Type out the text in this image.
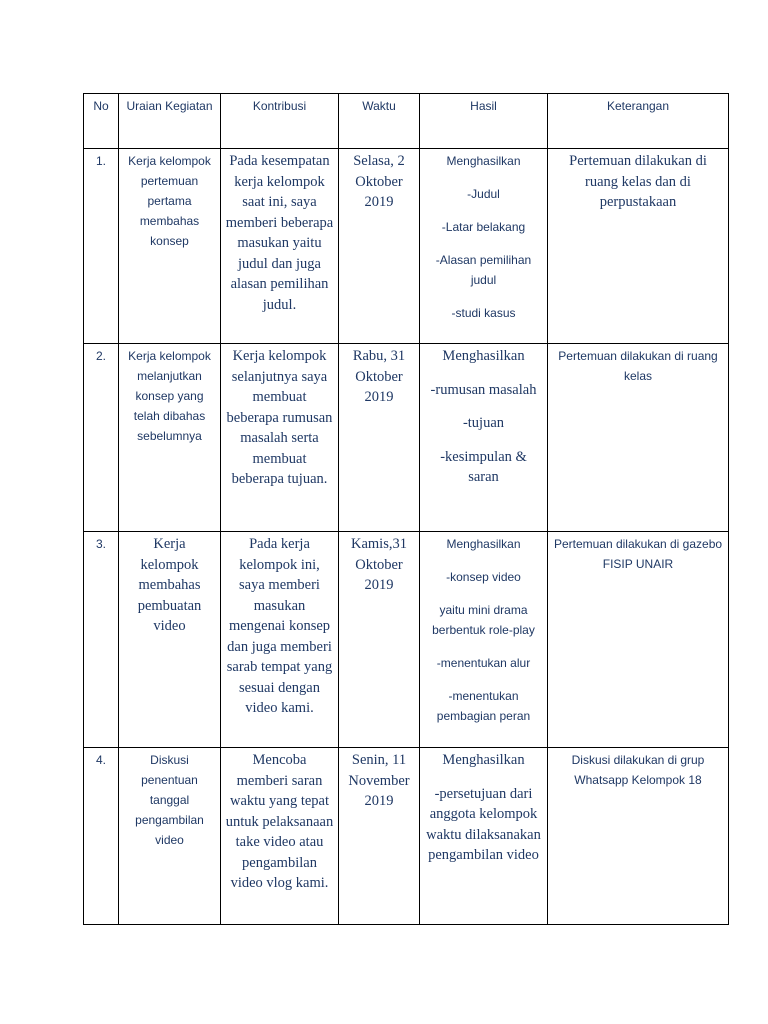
No	Uraian Kegiatan	Kontribusi	Waktu	Hasil	Keterangan
1.	Kerja kelompok pertemuan pertama membahas konsep	Pada kesempatan kerja kelompok saat ini, saya memberi beberapa masukan yaitu judul dan juga alasan pemilihan judul.	Selasa, 2 Oktober 2019	Menghasilkan
-Judul
-Latar belakang
-Alasan pemilihan judul
-studi kasus	Pertemuan dilakukan di ruang kelas dan di perpustakaan
2.	Kerja kelompok melanjutkan konsep yang telah dibahas sebelumnya	Kerja kelompok selanjutnya saya membuat beberapa rumusan masalah serta membuat beberapa tujuan.	Rabu, 31 Oktober 2019	Menghasilkan
-rumusan masalah
-tujuan
-kesimpulan & saran	Pertemuan dilakukan di ruang kelas
3.	Kerja kelompok membahas pembuatan video	Pada kerja kelompok ini, saya memberi masukan mengenai konsep dan juga memberi sarab tempat yang sesuai dengan video kami.	Kamis,31 Oktober 2019	Menghasilkan
-konsep video
yaitu mini drama berbentuk role-play
-menentukan alur
-menentukan pembagian peran	Pertemuan dilakukan di gazebo FISIP UNAIR
4.	Diskusi penentuan tanggal pengambilan video	Mencoba memberi saran waktu yang tepat untuk pelaksanaan take video atau pengambilan video vlog kami.	Senin, 11 November 2019	Menghasilkan
-persetujuan dari anggota kelompok waktu dilaksanakan pengambilan video	Diskusi dilakukan di grup Whatsapp Kelompok 18
